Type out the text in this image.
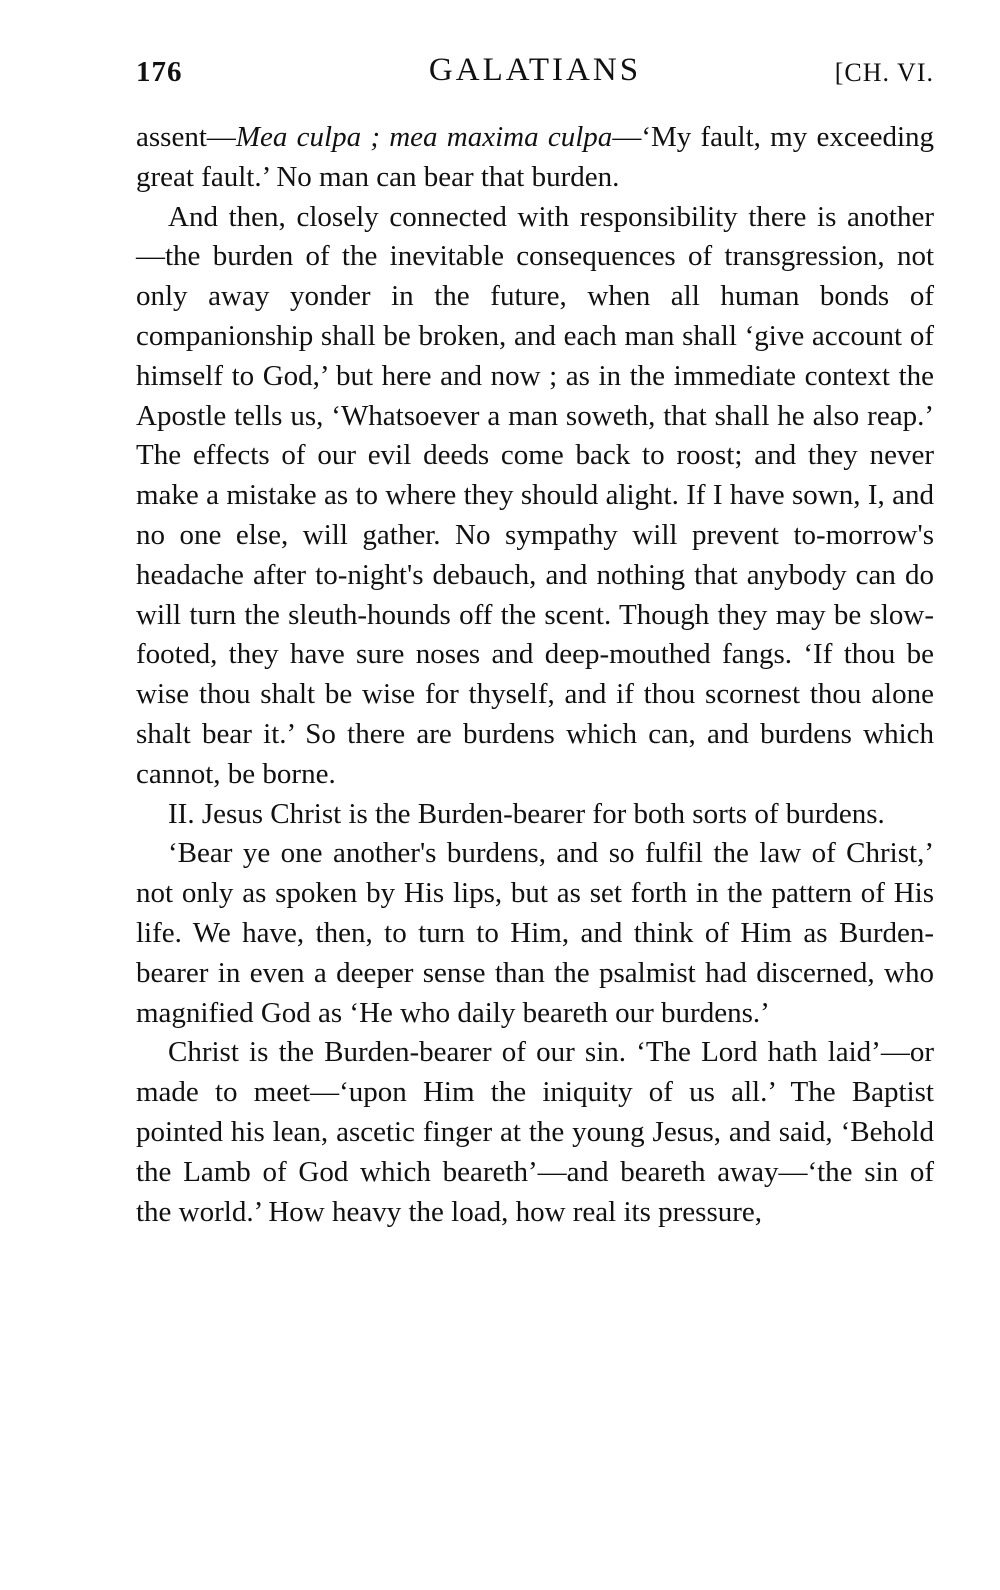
176	GALATIANS	[CH. VI.

assent—Mea culpa ; mea maxima culpa—‘My fault, my exceeding great fault.’ No man can bear that burden.

And then, closely connected with responsibility there is another—the burden of the inevitable consequences of transgression, not only away yonder in the future, when all human bonds of companionship shall be broken, and each man shall ‘give account of himself to God,’ but here and now ; as in the immediate context the Apostle tells us, ‘Whatsoever a man soweth, that shall he also reap.’ The effects of our evil deeds come back to roost; and they never make a mistake as to where they should alight. If I have sown, I, and no one else, will gather. No sympathy will prevent to-morrow's headache after to-night's debauch, and nothing that anybody can do will turn the sleuth-hounds off the scent. Though they may be slow-footed, they have sure noses and deep-mouthed fangs. ‘If thou be wise thou shalt be wise for thyself, and if thou scornest thou alone shalt bear it.’ So there are burdens which can, and burdens which cannot, be borne.

II. Jesus Christ is the Burden-bearer for both sorts of burdens.

‘Bear ye one another's burdens, and so fulfil the law of Christ,’ not only as spoken by His lips, but as set forth in the pattern of His life. We have, then, to turn to Him, and think of Him as Burden-bearer in even a deeper sense than the psalmist had discerned, who magnified God as ‘He who daily beareth our burdens.’

Christ is the Burden-bearer of our sin. ‘The Lord hath laid’—or made to meet—‘upon Him the iniquity of us all.’ The Baptist pointed his lean, ascetic finger at the young Jesus, and said, ‘Behold the Lamb of God which beareth’—and beareth away—‘the sin of the world.’ How heavy the load, how real its pressure,
